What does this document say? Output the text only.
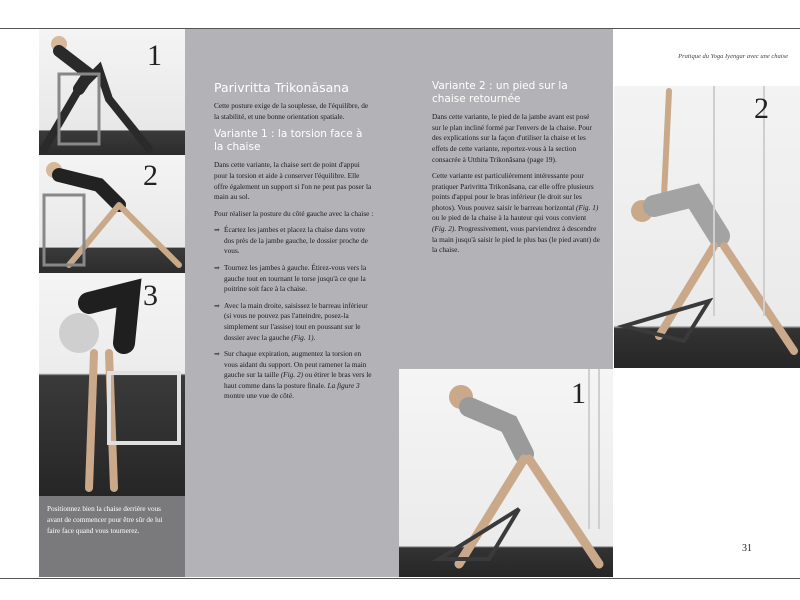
1
2
3
Positionnez bien la chaise derrière vous avant de commencer pour être sûr de lui faire face quand vous tournerez.
Parivritta Trikonāsana

Cette posture exige de la souplesse, de l'équilibre, de la stabilité, et une bonne orientation spatiale.

Variante 1 : la torsion face à la chaise

Dans cette variante, la chaise sert de point d'appui pour la torsion et aide à conserver l'équilibre. Elle offre également un support si l'on ne peut pas poser la main au sol.

Pour réaliser la posture du côté gauche avec la chaise :

➡ Écartez les jambes et placez la chaise dans votre dos près de la jambe gauche, le dossier proche de vous.

➡ Tournez les jambes à gauche. Étirez-vous vers la gauche tout en tournant le torse jusqu'à ce que la poitrine soit face à la chaise.

➡ Avec la main droite, saisissez le barreau inférieur (si vous ne pouvez pas l'atteindre, posez-la simplement sur l'assise) tout en poussant sur le dossier avec la gauche (Fig. 1).

➡ Sur chaque expiration, augmentez la torsion en vous aidant du support. On peut ramener la main gauche sur la taille (Fig. 2) ou étirer le bras vers le haut comme dans la posture finale. La figure 3 montre une vue de côté.

Variante 2 : un pied sur la chaise retournée

Dans cette variante, le pied de la jambe avant est posé sur le plan incliné formé par l'envers de la chaise. Pour des explications sur la façon d'utiliser la chaise et les effets de cette variante, reportez-vous à la section consacrée à Utthita Trikonāsana (page 19).

Cette variante est particulièrement intéressante pour pratiquer Parivritta Trikonāsana, car elle offre plusieurs points d'appui pour le bras inférieur (le droit sur les photos). Vous pouvez saisir le barreau horizontal (Fig. 1) ou le pied de la chaise à la hauteur qui vous convient (Fig. 2). Progressivement, vous parviendrez à descendre la main jusqu'à saisir le pied le plus bas (le pied avant) de la chaise.

1
Pratique du Yoga Iyengar avec une chaise
2
31
